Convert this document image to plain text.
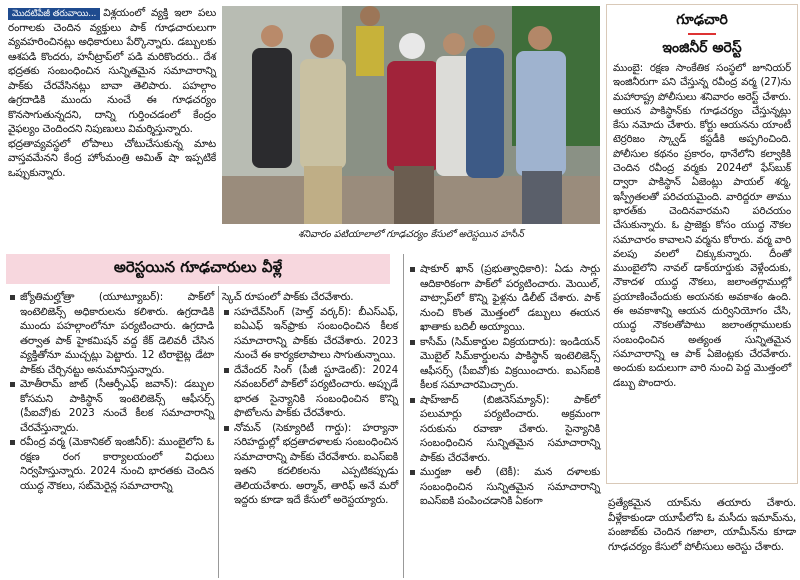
మొదటిపేజీ తరువాయి... విశ్లయంలో వ్యక్తి ఇలా పలు రంగాలకు చెందిన వ్యక్తులు పాక్ గూఢచారులుగా వ్యవహరించినట్లు అధికారులు పేర్కొన్నారు. డబ్బులకు ఆశపడి కొందరు, హనీట్రాప్‌లో పడి మరికొందరు.. దేశ భద్రతకు సంబంధించిన సున్నితమైన సమాచారాన్ని పాక్‌కు చేరవేసినట్లు బావా తెలిపారు. పహల్గాం ఉగ్రదాడికి ముందు నుంచే ఈ గూఢచర్యం కొనసాగుతున్నదని, దాన్ని గుర్తించడంలో కేంద్రం వైఫల్యం చెందిందని నిపుణులు విమర్శిస్తున్నారు.

భద్రతావ్యవస్థలో లోపాలు చోటుచేసుకున్న మాట వాస్తవమేనని కేంద్ర హోంమంత్రి అమిత్ షా ఇప్పటికే ఒప్పుకున్నారు.

శనివారం పటియాలాలో గూఢచర్యం కేసులో అరెస్టయిన హసీన్
అరెస్టయిన గూఢచారులు వీళ్లే

జ్యోతిమల్హోత్రా (యూట్యూబర్): పాక్‌లో ఇంటెలిజెన్స్ అధికారులను కలిశారు. ఉగ్రదాడికి ముందు పహల్గాంలోనూ పర్యటించారు. ఉగ్రదాడి తర్వాత పాక్ హైకమిషన్ వద్ద కేక్ డెలివరీ చేసిన వ్యక్తితోనూ ముచ్చట్లు పెట్టారు. 12 టిరాబైట్ల డేటా పాక్‌కు చేర్చినట్టు అనుమానిస్తున్నారు.

మోతీరామ్ జాట్ (సీఆర్పీఎఫ్ జవాన్): డబ్బుల కోసమని పాకిస్థాన్ ఇంటెలిజెన్స్ ఆఫీసర్స్ (పీఐవో)కు 2023 నుంచే కీలక సమాచారాన్ని చేరవేస్తున్నారు.

రవీంద్ర వర్మ (మెకానికల్ ఇంజినీర్): ముంబైలోని ఓ రక్షణ రంగ కార్యాలయంలో విధులు నిర్వహిస్తున్నారు. 2024 నుంచి భారతకు చెందిన యుద్ధ నౌకలు, సబ్‌మెరైన్ల సమాచారాన్ని

స్కెచ్ రూపంలో పాక్‌కు చేరవేశారు.

సహదేవ్‌సింగ్ (హెల్త్ వర్కర్): బీఎస్ఎఫ్, ఐఏఎఫ్ ఇన్‌ఫ్రాకు సంబంధించిన కీలక సమాచారాన్ని పాక్‌కు చేరవేశారు. 2023 నుంచే ఈ కార్యకలాపాలు సాగుతున్నాయి.

దేవేందర్ సింగ్ (పీజీ స్టూడెంట్): 2024 నవంబర్‌లో పాక్‌లో పర్యటించారు. అప్పుడే భారత సైన్యానికి సంబంధించిన కొన్ని ఫొటోలను పాక్‌కు చేరవేశారు.

నోమన్ (సెక్యూరిటీ గార్డు): హర్యానా సరిహద్దుల్లో భద్రతాదళాలకు సంబంధించిన సమాచారాన్ని పాక్‌కు చేరవేశారు. ఐఎస్ఐకి ఇతని కదలికలను ఎప్పటికప్పుడు తెలియచేశారు. అర్మాన్, తారిఫ్ అనే మరో ఇద్దరు కూడా ఇదే కేసులో అరెస్టయ్యారు.

షాకూర్ ఖాన్ (ప్రభుత్వాధికారి): ఏడు సార్లు ఆదికారికంగా పాక్‌లో పర్యటించారు. మెయిల్, వాట్సాప్‌లో కొన్ని ఫైళ్లను డిలీట్ చేశారు. పాక్ నుంచి కొంత మొత్తంలో డబ్బులు ఈయన ఖాతాకు బదిలీ అయ్యాయి.

కాసీమ్ (సిమ్‌కార్డుల విక్రయదారు): ఇండియన్ మొబైల్ సిమ్‌కార్డులను పాకిస్థాన్ ఇంటెలిజెన్స్ ఆఫీసర్స్ (పీఐవో)కు విక్రయించారు. ఐఎస్ఐకి కీలక సమాచారమిచ్చారు.

షాహ్‌జాద్ (బిజినెస్‌మ్యాన్): పాక్‌లో పలుమార్లు పర్యటించారు. అక్రమంగా సరుకును రవాణా చేశారు. సైన్యానికి సంబంధించిన సున్నితమైన సమాచారాన్ని పాక్‌కు చేరవేశారు.

ముర్తజా అలీ (టెకీ): మన దళాలకు సంబంధించిన సున్నితమైన సమాచారాన్ని ఐఎస్ఐకి పంపించడానికి ఏకంగా

గూఢచారి
ఇంజినీర్ అరెస్ట్

ముంబై: రక్షణ సాంకేతిక సంస్థలో జూనియర్ ఇంజినీరుగా పని చేస్తున్న రవీంద్ర వర్మ (27)ను మహారాష్ట్ర పోలీసులు శనివారం అరెస్ట్ చేశారు. ఆయన పాకిస్థాన్‌కు గూఢచర్యం చేస్తున్నట్లు కేసు నమోదు చేశారు. కోర్టు ఆయనను యాంటీ టెర్రరిజం స్క్వాడ్ కస్టడీకి అప్పగించింది. పోలీసుల కథనం ప్రకారం, థానేలోని కల్వాకికి చెందిన రవీంద్ర వర్మకు 2024లో ఫేస్‌బుక్ ద్వారా పాకిస్థాన్ ఏజెంట్లు పాయల్ శర్మ, ఇస్ప్రీతలతో పరిచయమైంది. వారిద్దరూ తాము భారత్‌కు చెందినవారమని పరిచయం చేసుకున్నారు. ఓ ప్రాజెక్టు కోసం యుద్ధ నౌకల సమాచారం కావాలని వర్మను కోరారు. వర్మ వారి వలపు వలలో చిక్కుకున్నారు. దీంతో ముంబైలోని నావల్ డాక్‌యార్డుకు వెళ్లేందుకు, నౌకాదళ యుద్ధ నౌకలు, జలాంతర్గాముల్లో ప్రయాణించేందుకు అయనకు అవకాశం ఉంది. ఈ అవకాశాన్ని ఆయన దుర్వినియోగం చేసి, యుద్ధ నౌకలతోపాటు జలాంతర్గాములకు సంబంధించిన అత్యంత సున్నితమైన సమాచారాన్ని ఆ పాక్ ఏజెంట్లకు చేరవేశారు. అందుకు బదులుగా వారి నుంచి పెద్ద మొత్తంలో డబ్బు పొందారు.

ప్రత్యేకమైన యాప్‌ను తయారు చేశారు. వీళ్లేకాకుండా యూపీలోని ఓ మసీదు ఇమామ్‌ను, పంజాబ్‌కు చెందిన గజాలా, యామీన్‌ను కూడా గూఢచర్యం కేసులో పోలీసులు అరెస్టు చేశారు.
